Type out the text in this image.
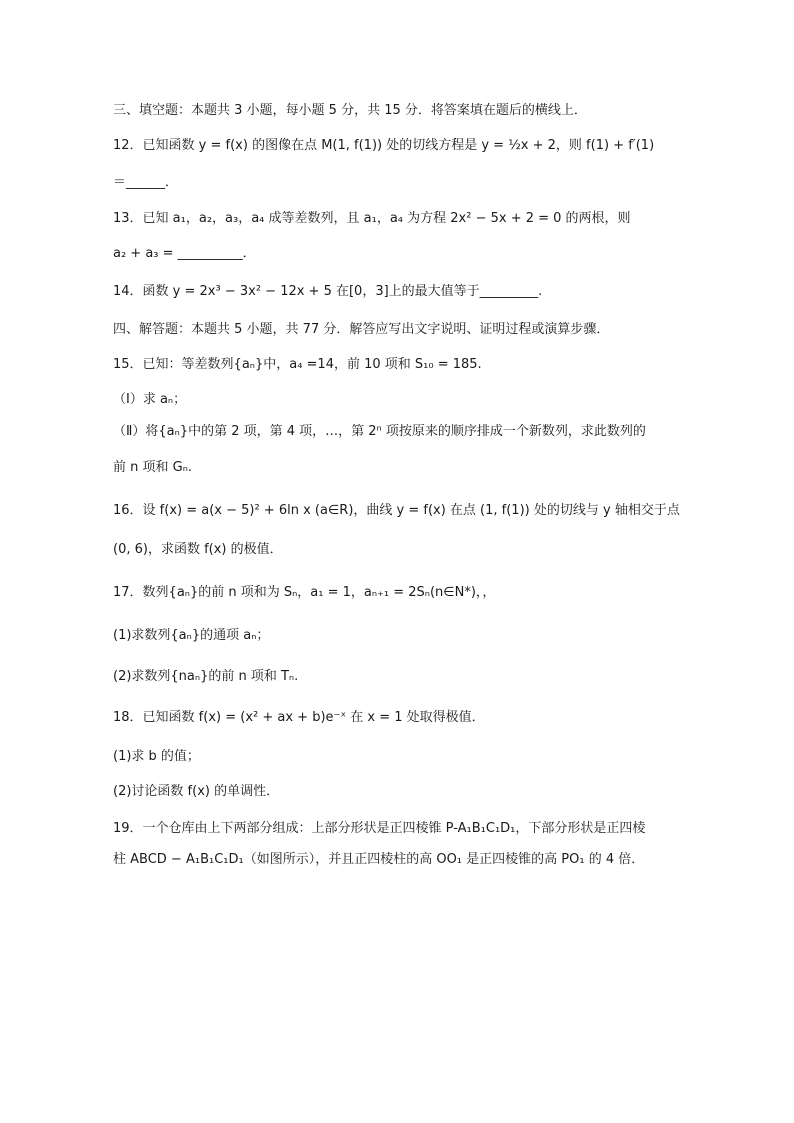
三、填空题：本题共 3 小题，每小题 5 分，共 15 分．将答案填在题后的横线上．
12．已知函数 y = f(x) 的图像在点 M(1, f(1)) 处的切线方程是 y = ½x + 2，则 f(1) + f′(1)
＝______．
13．已知 a₁，a₂，a₃，a₄ 成等差数列，且 a₁，a₄ 为方程 2x² − 5x + 2 = 0 的两根，则
a₂ + a₃ = __________．
14．函数 y = 2x³ − 3x² − 12x + 5 在[0，3]上的最大值等于_________.
四、解答题：本题共 5 小题，共 77 分．解答应写出文字说明、证明过程或演算步骤．
15．已知：等差数列{aₙ}中，a₄ =14，前 10 项和 S₁₀ = 185.
（Ⅰ）求 aₙ；
（Ⅱ）将{aₙ}中的第 2 项，第 4 项，…，第 2ⁿ 项按原来的顺序排成一个新数列，求此数列的
前 n 项和 Gₙ.
16．设 f(x) = a(x − 5)² + 6ln x (a∈R)，曲线 y = f(x) 在点 (1, f(1)) 处的切线与 y 轴相交于点
(0, 6)，求函数 f(x) 的极值．
17．数列{aₙ}的前 n 项和为 Sₙ，a₁ = 1，aₙ₊₁ = 2Sₙ(n∈N*)，，
(1)求数列{aₙ}的通项 aₙ；
(2)求数列{naₙ}的前 n 项和 Tₙ.
18．已知函数 f(x) = (x² + ax + b)e⁻ˣ 在 x = 1 处取得极值．
(1)求 b 的值；
(2)讨论函数 f(x) 的单调性．
19．一个仓库由上下两部分组成：上部分形状是正四棱锥 P-A₁B₁C₁D₁，下部分形状是正四棱
柱 ABCD − A₁B₁C₁D₁（如图所示），并且正四棱柱的高 OO₁ 是正四棱锥的高 PO₁ 的 4 倍．
